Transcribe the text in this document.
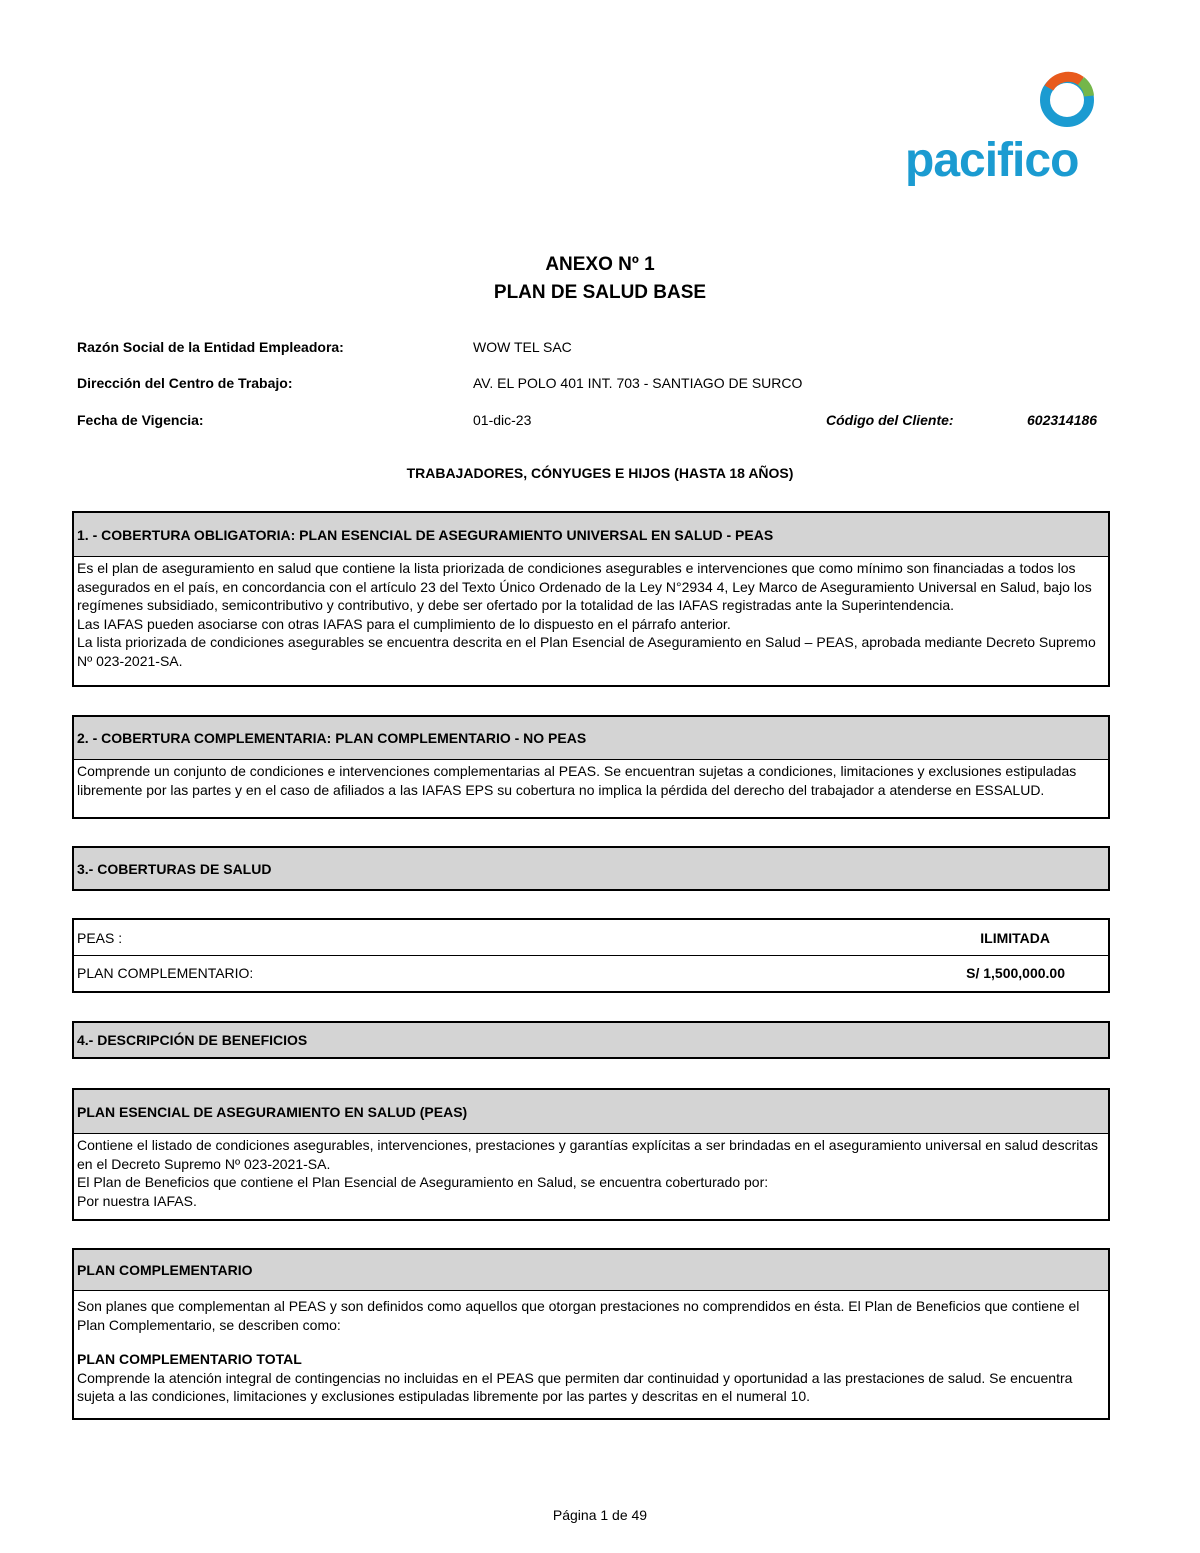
pacifico
ANEXO Nº 1
PLAN DE SALUD BASE
Razón Social de la Entidad Empleadora:	WOW TEL SAC
Dirección del Centro de Trabajo:	AV. EL POLO 401 INT. 703 - SANTIAGO DE SURCO
Fecha de Vigencia:	01-dic-23	Código del Cliente:	602314186
TRABAJADORES, CÓNYUGES E HIJOS (HASTA 18 AÑOS)
1. - COBERTURA OBLIGATORIA: PLAN ESENCIAL DE ASEGURAMIENTO UNIVERSAL EN SALUD - PEAS

Es el plan de aseguramiento en salud que contiene la lista priorizada de condiciones asegurables e intervenciones que como mínimo son financiadas a todos los asegurados en el país, en concordancia con el artículo 23 del Texto Único Ordenado de la Ley N°2934 4, Ley Marco de Aseguramiento Universal en Salud, bajo los regímenes subsidiado, semicontributivo y contributivo, y debe ser ofertado por la totalidad de las IAFAS registradas ante la Superintendencia.

Las IAFAS pueden asociarse con otras IAFAS para el cumplimiento de lo dispuesto en el párrafo anterior.

La lista priorizada de condiciones asegurables se encuentra descrita en el Plan Esencial de Aseguramiento en Salud – PEAS, aprobada mediante Decreto Supremo Nº 023-2021-SA.

2. - COBERTURA COMPLEMENTARIA: PLAN COMPLEMENTARIO - NO PEAS

Comprende un conjunto de condiciones e intervenciones complementarias al PEAS. Se encuentran sujetas a condiciones, limitaciones y exclusiones estipuladas libremente por las partes y en el caso de afiliados a las IAFAS EPS su cobertura no implica la pérdida del derecho del trabajador a atenderse en ESSALUD.

3.- COBERTURAS DE SALUD
PEAS :	ILIMITADA
PLAN COMPLEMENTARIO:	S/ 1,500,000.00
4.- DESCRIPCIÓN DE BENEFICIOS
PLAN ESENCIAL DE ASEGURAMIENTO EN SALUD (PEAS)

Contiene el listado de condiciones asegurables, intervenciones, prestaciones y garantías explícitas a ser brindadas en el aseguramiento universal en salud descritas en el Decreto Supremo Nº 023-2021-SA.

El Plan de Beneficios que contiene el Plan Esencial de Aseguramiento en Salud, se encuentra coberturado por:

Por nuestra IAFAS.

PLAN COMPLEMENTARIO

Son planes que complementan al PEAS y son definidos como aquellos que otorgan prestaciones no comprendidos en ésta. El Plan de Beneficios que contiene el Plan Complementario, se describen como:

PLAN COMPLEMENTARIO TOTAL

Comprende la atención integral de contingencias no incluidas en el PEAS que permiten dar continuidad y oportunidad a las prestaciones de salud. Se encuentra sujeta a las condiciones, limitaciones y exclusiones estipuladas libremente por las partes y descritas en el numeral 10.

Página 1 de 49
